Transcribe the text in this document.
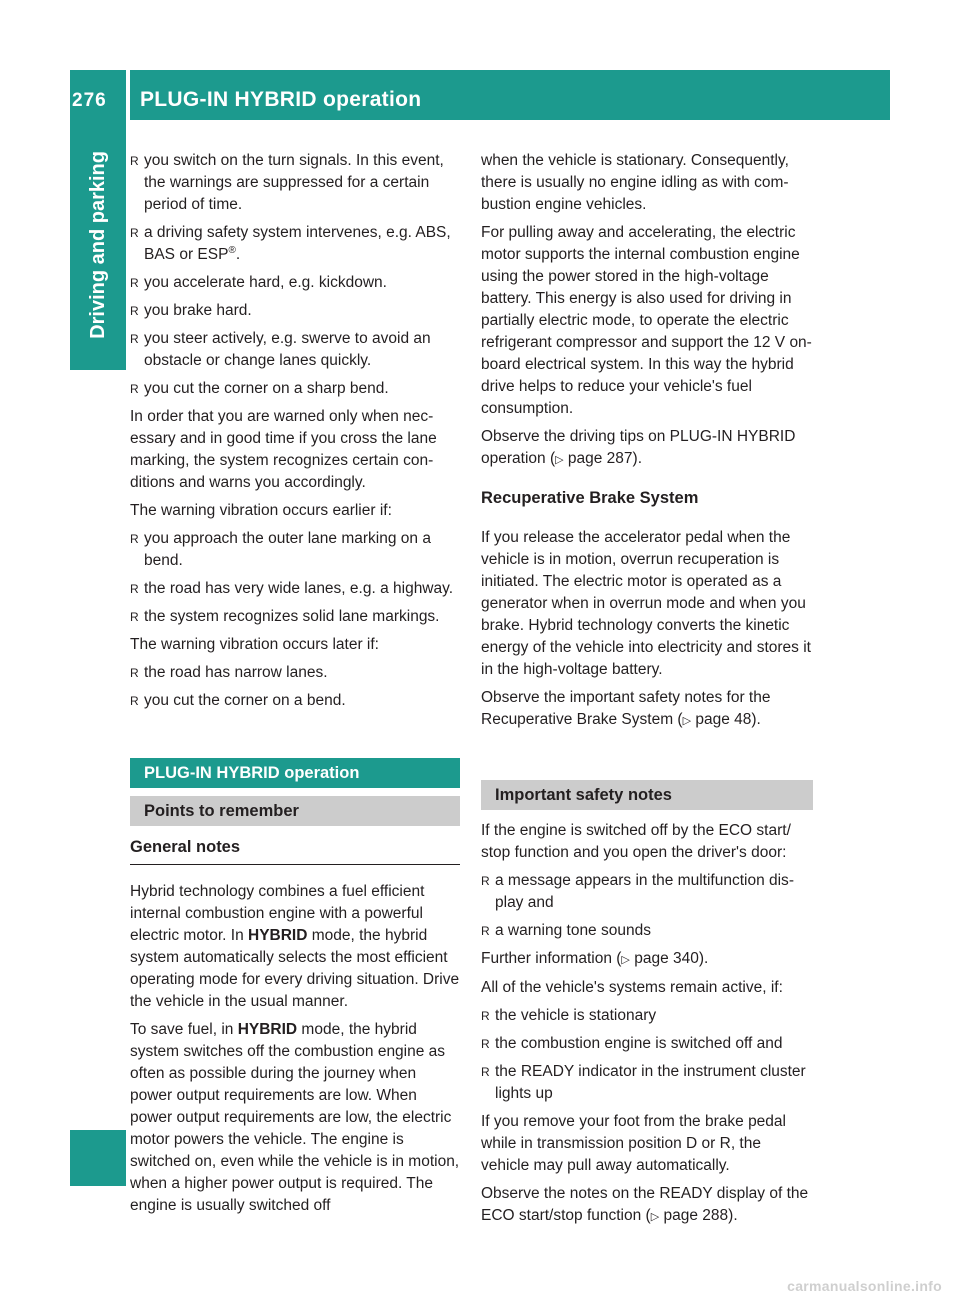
276	PLUG-IN HYBRID operation
Driving and parking R you switch on the turn signals. In this event, the warnings are suppressed for a certain period of time.
R a driving safety system intervenes, e.g. ABS, BAS or ESP®.
R you accelerate hard, e.g. kickdown.
R you brake hard.
R you steer actively, e.g. swerve to avoid an obstacle or change lanes quickly.
R you cut the corner on a sharp bend.

In order that you are warned only when necessary and in good time if you cross the lane marking, the system recognizes certain conditions and warns you accordingly.

The warning vibration occurs earlier if:

R you approach the outer lane marking on a bend.
R the road has very wide lanes, e.g. a highway.
R the system recognizes solid lane markings.

The warning vibration occurs later if:

R the road has narrow lanes.
R you cut the corner on a bend.
PLUG-IN HYBRID operation
Points to remember
General notes

Hybrid technology combines a fuel efficient internal combustion engine with a powerful electric motor. In HYBRID mode, the hybrid system automatically selects the most efficient operating mode for every driving situation. Drive the vehicle in the usual manner.

To save fuel, in HYBRID mode, the hybrid system switches off the combustion engine as often as possible during the journey when power output requirements are low. When power output requirements are low, the electric motor powers the vehicle. The engine is switched on, even while the vehicle is in motion, when a higher power output is required. The engine is usually switched off

when the vehicle is stationary. Consequently, there is usually no engine idling as with combustion engine vehicles.

For pulling away and accelerating, the electric motor supports the internal combustion engine using the power stored in the high-voltage battery. This energy is also used for driving in partially electric mode, to operate the electric refrigerant compressor and support the 12 V on-board electrical system. In this way the hybrid drive helps to reduce your vehicle's fuel consumption.

Observe the driving tips on PLUG-IN HYBRID operation (▷ page 287).

Recuperative Brake System

If you release the accelerator pedal when the vehicle is in motion, overrun recuperation is initiated. The electric motor is operated as a generator when in overrun mode and when you brake. Hybrid technology converts the kinetic energy of the vehicle into electricity and stores it in the high-voltage battery.

Observe the important safety notes for the Recuperative Brake System (▷ page 48).

Important safety notes

If the engine is switched off by the ECO start/ stop function and you open the driver's door:

R a message appears in the multifunction display and
R a warning tone sounds

Further information (▷ page 340).

All of the vehicle's systems remain active, if:

R the vehicle is stationary
R the combustion engine is switched off and
R the READY indicator in the instrument cluster lights up

If you remove your foot from the brake pedal while in transmission position D or R, the vehicle may pull away automatically.

Observe the notes on the READY display of the ECO start/stop function (▷ page 288).

carmanualsonline.info
